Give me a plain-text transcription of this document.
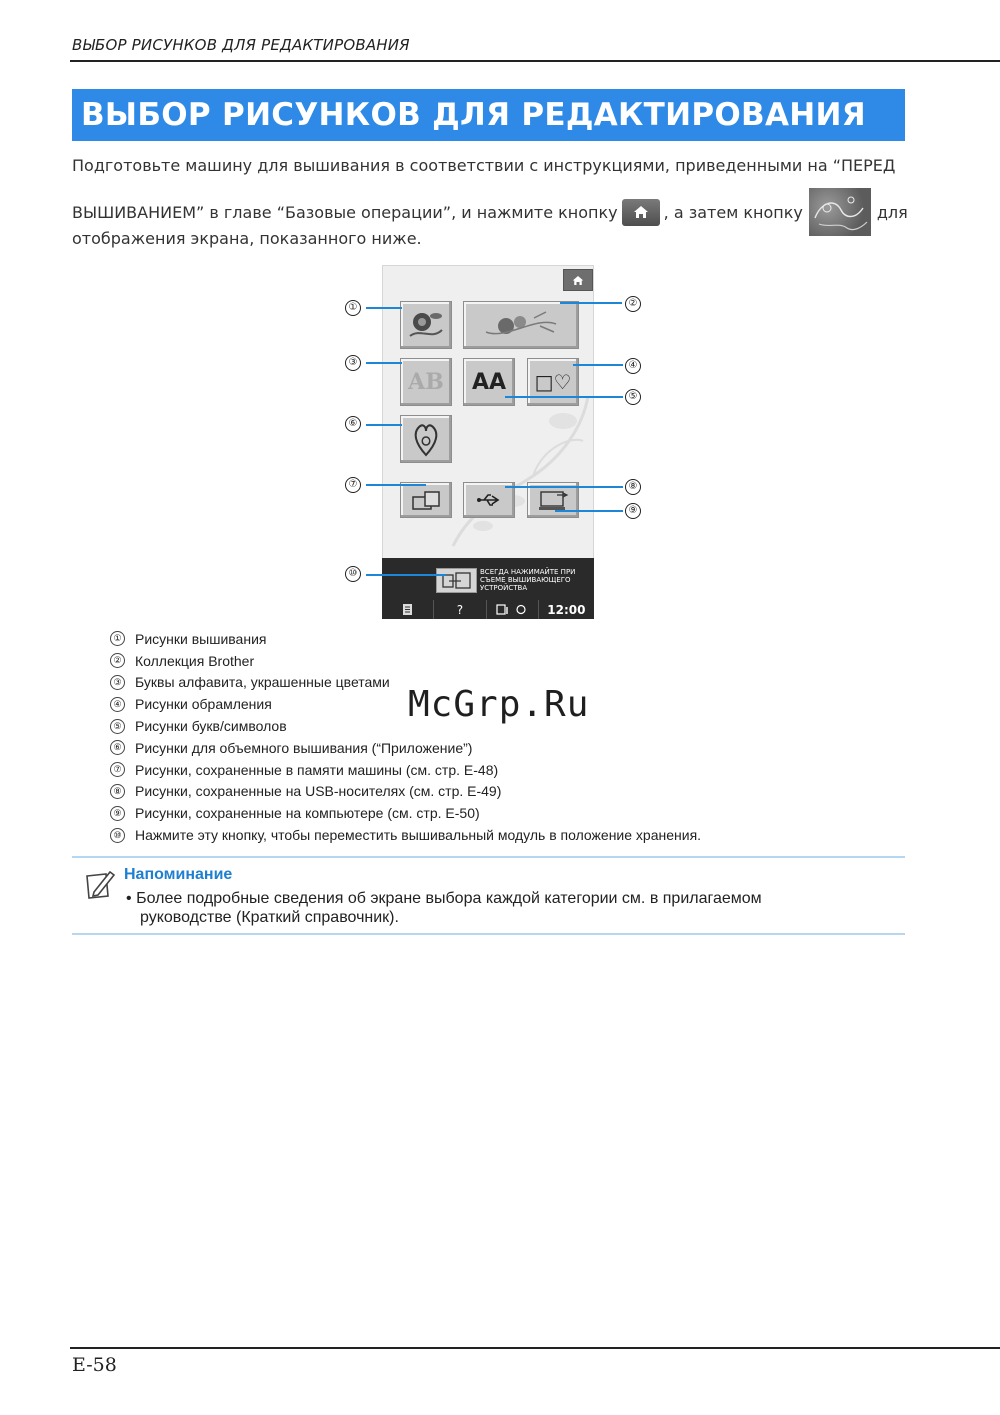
ВЫБОР РИСУНКОВ ДЛЯ РЕДАКТИРОВАНИЯ
ВЫБОР РИСУНКОВ ДЛЯ РЕДАКТИРОВАНИЯ
Подготовьте машину для вышивания в соответствии с инструкциями, приведенными на “ПЕРЕД
ВЫШИВАНИЕМ” в главе “Базовые операции”, и нажмите кнопку	, а затем кнопку	для
отображения экрана, показанного ниже.
AB AA □♡
ВСЕГДА НАЖИМАЙТЕ ПРИ СЪЕМЕ ВЫШИВАЮЩЕГО УСТРОЙСТВА
?	12:00
①	②
③	④
⑤
⑥
⑦	⑧
⑨
⑩
① Рисунки вышивания
② Коллекция Brother
③ Буквы алфавита, украшенные цветами
④ Рисунки обрамления
⑤ Рисунки букв/символов
⑥ Рисунки для объемного вышивания (“Приложение”)
⑦ Рисунки, сохраненные в памяти машины (см. стр. E-48)
⑧ Рисунки, сохраненные на USB-носителях (см. стр. E-49)
⑨ Рисунки, сохраненные на компьютере (см. стр. E-50)
⑩ Нажмите эту кнопку, чтобы переместить вышивальный модуль в положение хранения.
McGrp.Ru
Напоминание
• Более подробные сведения об экране выбора каждой категории см. в прилагаемом
руководстве (Краткий справочник).
E-58
